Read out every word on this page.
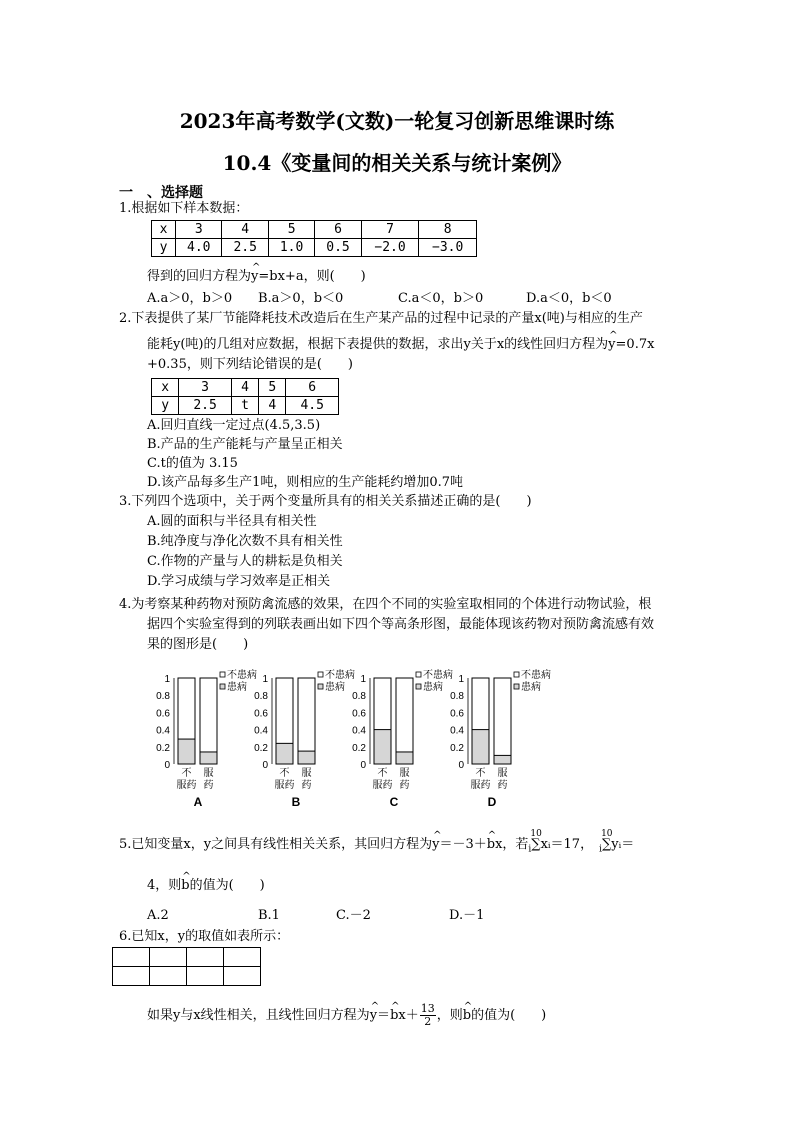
2023年高考数学(文数)一轮复习创新思维课时练
10.4《变量间的相关关系与统计案例》
一　、选择题
1.根据如下样本数据：
x	3	4	5	6	7	8
y	4.0	2.5	1.0	0.5	−2.0	−3.0
得到的回归方程为^ y=bx+a，则(　　)
A.a＞0，b＞0 B.a＞0，b＜0	C.a＜0，b＞0	D.a＜0，b＜0
2.下表提供了某厂节能降耗技术改造后在生产某产品的过程中记录的产量x(吨)与相应的生产
能耗y(吨)的几组对应数据，根据下表提供的数据，求出y关于x的线性回归方程为^ y=0.7x
+0.35，则下列结论错误的是(　　)
x	3	4	5	6
y	2.5	t	4	4.5
A.回归直线一定过点(4.5,3.5)
B.产品的生产能耗与产量呈正相关
C.t的值为 3.15
D.该产品每多生产1吨，则相应的生产能耗约增加0.7吨
3.下列四个选项中，关于两个变量所具有的相关关系描述正确的是(　　)
A.圆的面积与半径具有相关性
B.纯净度与净化次数不具有相关性
C.作物的产量与人的耕耘是负相关
D.学习成绩与学习效率是正相关
4.为考察某种药物对预防禽流感的效果，在四个不同的实验室取相同的个体进行动物试验，根
据四个实验室得到的列联表画出如下四个等高条形图，最能体现该药物对预防禽流感有效
果的图形是(　　)
0
0.2
0.4
0.6
0.8
1	不患病
患病
不
服药
服
药
A
0
0.2
0.4
0.6
0.8
1	不患病
患病
不
服药
服
药
B
0
0.2
0.4
0.6
0.8
1	不患病
患病
不
服药
服
药
C
0
0.2
0.4
0.6
0.8
1	不患病
患病
不
服药
服
药
D
5.已知变量x，y之间具有线性相关关系，其回归方程为^ y＝－3＋^ bx，若
10
$_i$∑xᵢ＝17，
10
$_i$∑yᵢ＝
4，则^ b的值为(　　)
A.2	B.1	C.－2	D.－1
6.已知x，y的取值如表所示：

如果y与x线性相关，且线性回归方程为^ y＝^ $bx+ \frac{13}{2}$ ，则^ b的值为(　　)
